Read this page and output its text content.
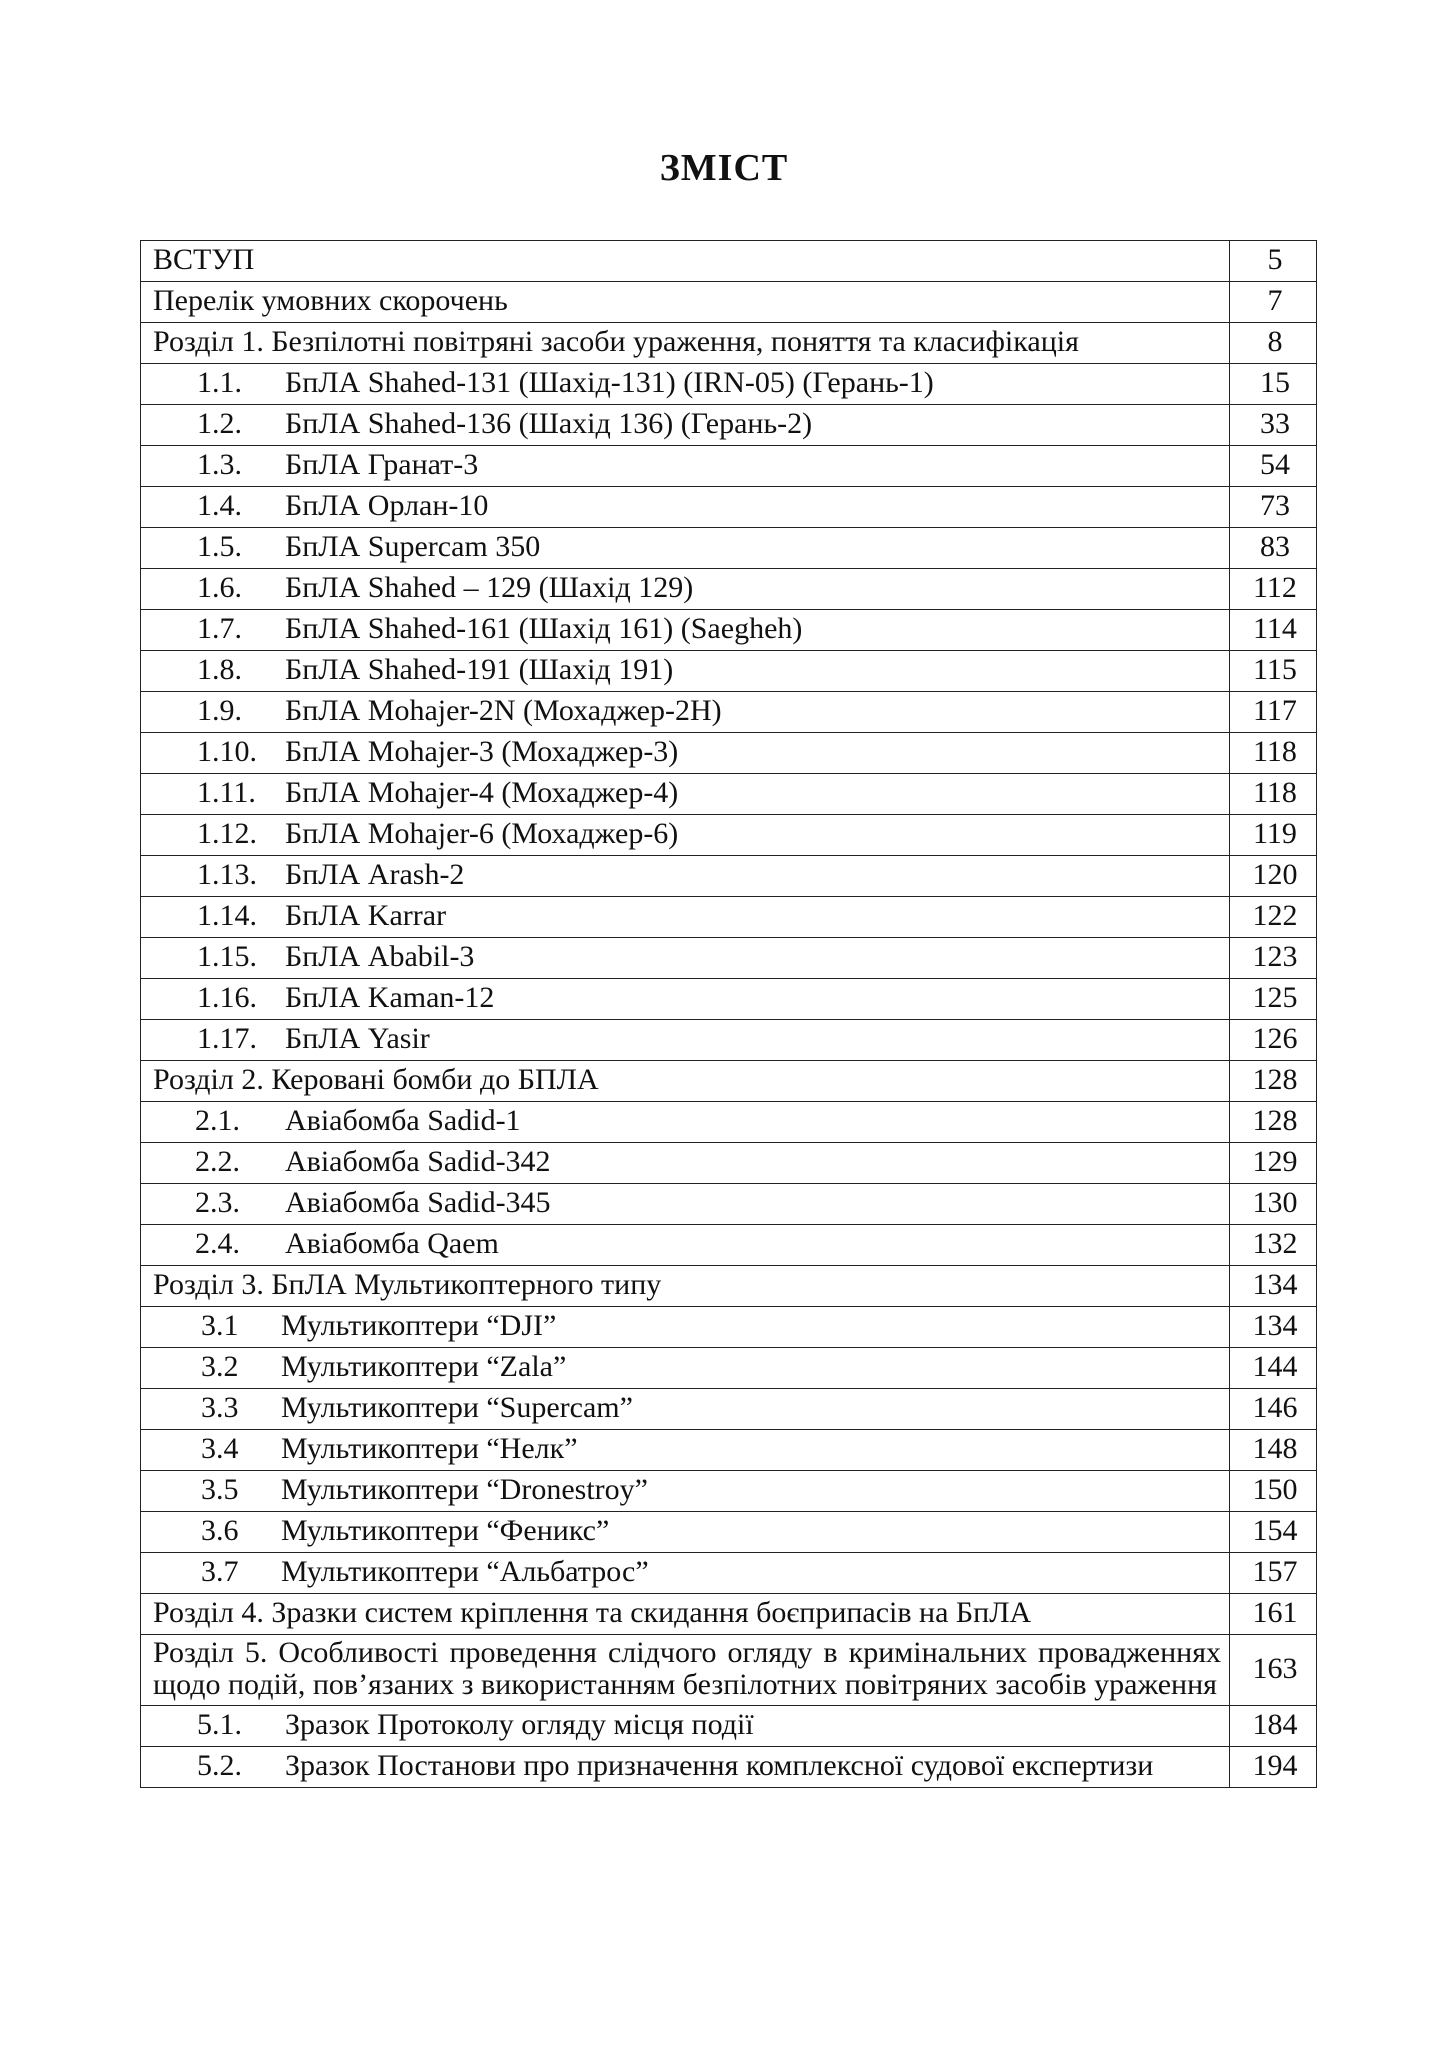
ЗМІСТ
ВСТУП	5

Перелік умовних скорочень	7

Розділ 1. Безпілотні повітряні засоби ураження, поняття та класифікація	8

1.1. БпЛА Shahed-131 (Шахід-131) (IRN-05) (Герань-1)	15

1.2. БпЛА Shahed-136 (Шахід 136) (Герань-2)	33

1.3. БпЛА Гранат-3	54

1.4. БпЛА Орлан-10	73

1.5. БпЛА Supercam 350	83

1.6. БпЛА Shahed – 129 (Шахід 129)	112

1.7. БпЛА Shahed-161 (Шахід 161) (Saegheh)	114

1.8. БпЛА Shahed-191 (Шахід 191)	115

1.9. БпЛА Mohajer-2N (Мохаджер-2Н)	117

1.10. БпЛА Mohajer-3 (Мохаджер-3)	118

1.11. БпЛА Mohajer-4 (Мохаджер-4)	118

1.12. БпЛА Mohajer-6 (Мохаджер-6)	119

1.13. БпЛА Arash-2	120

1.14. БпЛА Karrar	122

1.15. БпЛА Ababil-3	123

1.16. БпЛА Kaman-12	125

1.17. БпЛА Yasir	126

Розділ 2. Керовані бомби до БПЛА	128

2.1. Авіабомба Sadid-1	128

2.2. Авіабомба Sadid-342	129

2.3. Авіабомба Sadid-345	130

2.4. Авіабомба Qaem	132

Розділ 3. БпЛА Мультикоптерного типу	134

3.1 Мультикоптери “DJI”	134

3.2 Мультикоптери “Zala”	144

3.3 Мультикоптери “Supercam”	146

3.4 Мультикоптери “Нелк”	148

3.5 Мультикоптери “Dronestroy”	150

3.6 Мультикоптери “Феникс”	154

3.7 Мультикоптери “Альбатрос”	157

Розділ 4. Зразки систем кріплення та скидання боєприпасів на БпЛА	161

Розділ 5. Особливості проведення слідчого огляду в кримінальних провадженнях щодо подій, пов’язаних з використанням безпілотних повітряних засобів ураження	163

5.1. Зразок Протоколу огляду місця події	184

5.2. Зразок Постанови про призначення комплексної судової експертизи	194
